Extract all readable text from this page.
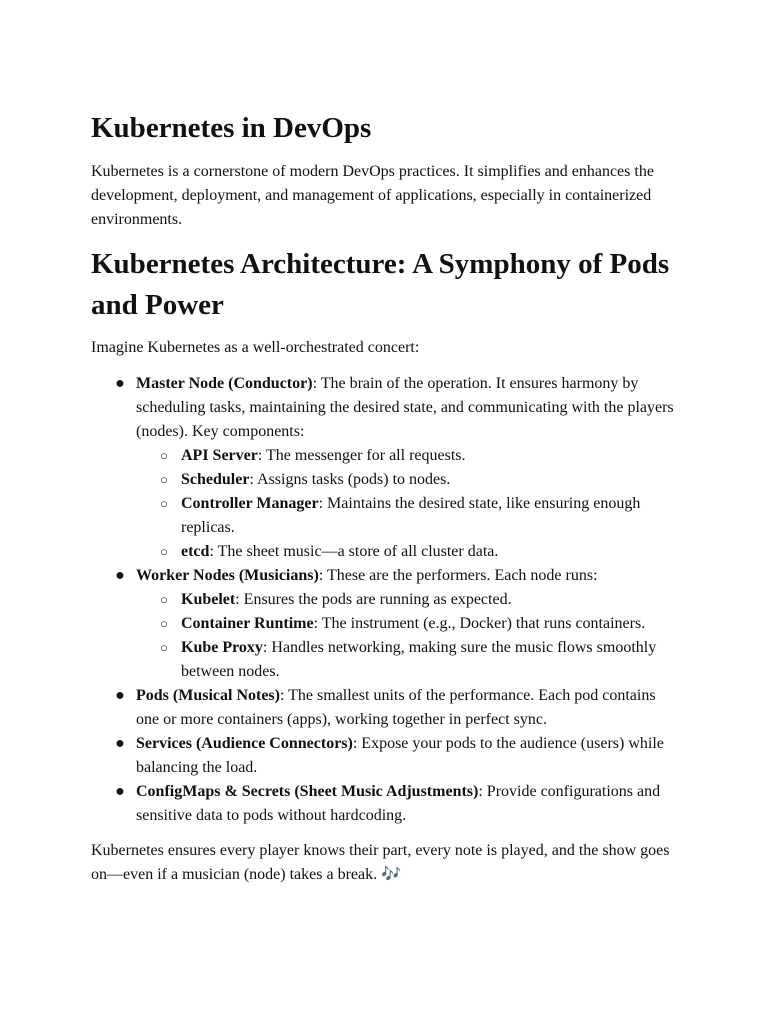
Kubernetes in DevOps

Kubernetes is a cornerstone of modern DevOps practices. It simplifies and enhances the development, deployment, and management of applications, especially in containerized environments.

Kubernetes Architecture: A Symphony of Pods and Power

Imagine Kubernetes as a well-orchestrated concert:

● Master Node (Conductor): The brain of the operation. It ensures harmony by scheduling tasks, maintaining the desired state, and communicating with the players (nodes). Key components:
○ API Server: The messenger for all requests.
○ Scheduler: Assigns tasks (pods) to nodes.
○ Controller Manager: Maintains the desired state, like ensuring enough replicas.
○ etcd: The sheet music—a store of all cluster data.
● Worker Nodes (Musicians): These are the performers. Each node runs:
○ Kubelet: Ensures the pods are running as expected.
○ Container Runtime: The instrument (e.g., Docker) that runs containers.
○ Kube Proxy: Handles networking, making sure the music flows smoothly between nodes.
● Pods (Musical Notes): The smallest units of the performance. Each pod contains one or more containers (apps), working together in perfect sync.
● Services (Audience Connectors): Expose your pods to the audience (users) while balancing the load.
● ConfigMaps & Secrets (Sheet Music Adjustments): Provide configurations and sensitive data to pods without hardcoding.

Kubernetes ensures every player knows their part, every note is played, and the show goes on—even if a musician (node) takes a break. 🎶
